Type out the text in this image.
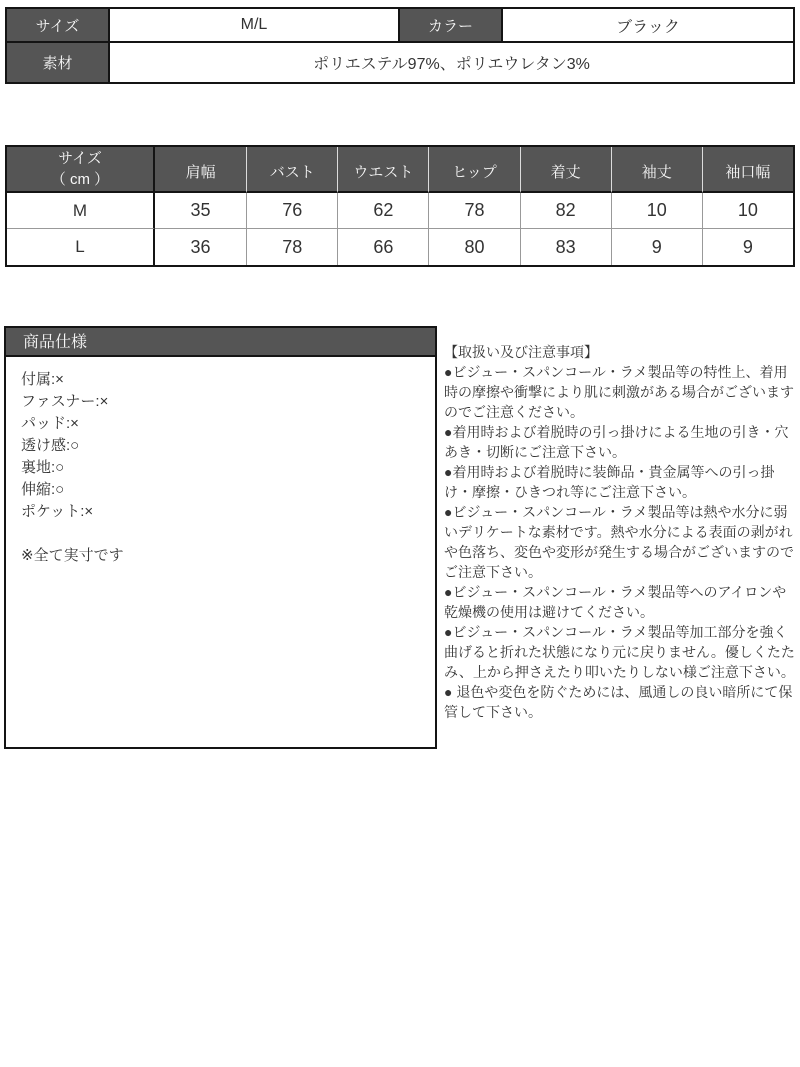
サイズ	M/L	カラー	ブラック
素材	ポリエステル97%、ポリエウレタン3%		
サイズ
（ cm ）	肩幅	バスト	ウエスト	ヒップ	着丈	袖丈	袖口幅
M	35	76	62	78	82	10	10
L	36	78	66	80	83	9	9
商品仕様
付属:×
ファスナー:×
パッド:×
透け感:○
裏地:○
伸縮:○
ポケット:×
※全て実寸です

【取扱い及び注意事項】

●ビジュー・スパンコール・ラメ製品等の特性上、着用時の摩擦や衝撃により肌に刺激がある場合がございますのでご注意ください。

●着用時および着脱時の引っ掛けによる生地の引き・穴あき・切断にご注意下さい。

●着用時および着脱時に装飾品・貴金属等への引っ掛け・摩擦・ひきつれ等にご注意下さい。

●ビジュー・スパンコール・ラメ製品等は熱や水分に弱いデリケートな素材です。熱や水分による表面の剥がれや色落ち、変色や変形が発生する場合がございますのでご注意下さい。

●ビジュー・スパンコール・ラメ製品等へのアイロンや乾燥機の使用は避けてください。

●ビジュー・スパンコール・ラメ製品等加工部分を強く曲げると折れた状態になり元に戻りません。優しくたたみ、上から押さえたり叩いたりしない様ご注意下さい。

● 退色や変色を防ぐためには、風通しの良い暗所にて保管して下さい。
